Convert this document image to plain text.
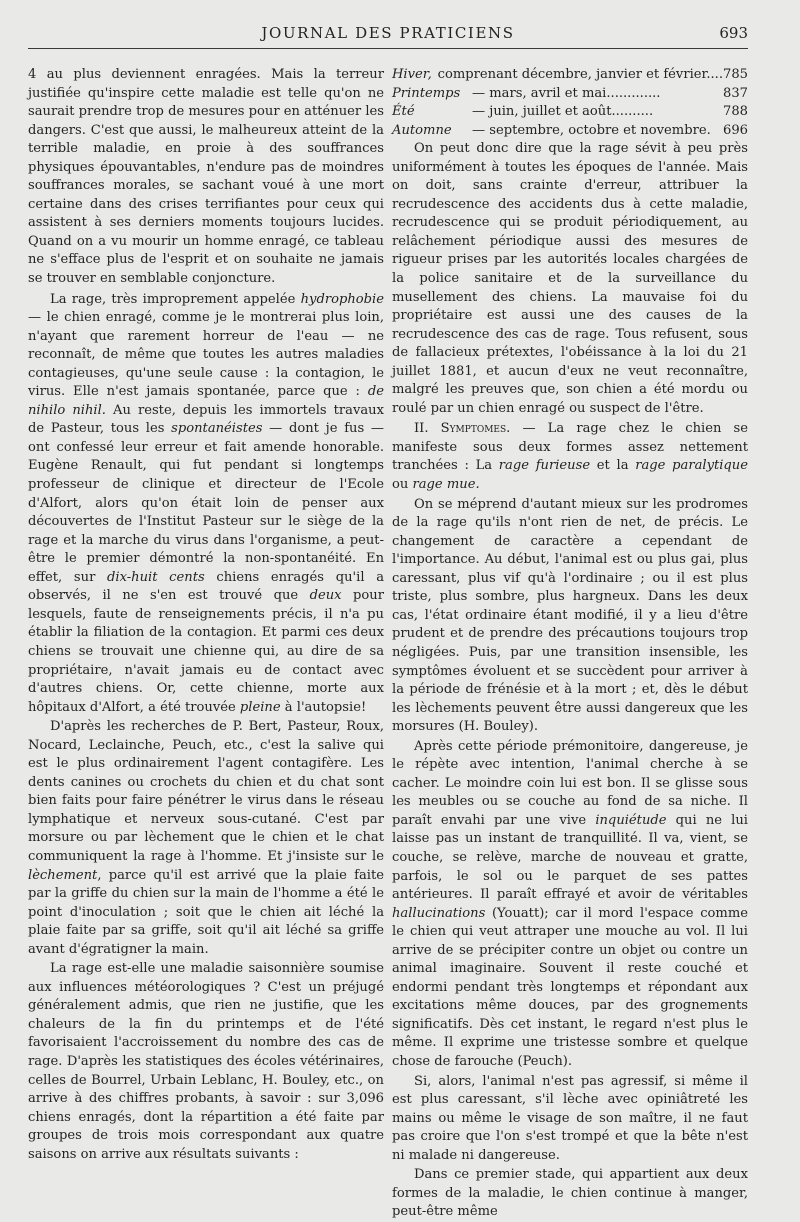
JOURNAL DES PRATICIENS	693

4 au plus deviennent enragées. Mais la terreur justifiée qu'inspire cette maladie est telle qu'on ne saurait prendre trop de mesures pour en atténuer les dangers. C'est que aussi, le malheureux atteint de la terrible maladie, en proie à des souffrances physiques épouvantables, n'endure pas de moindres souffrances morales, se sachant voué à une mort certaine dans des crises terrifiantes pour ceux qui assistent à ses derniers moments toujours lucides. Quand on a vu mourir un homme enragé, ce tableau ne s'efface plus de l'esprit et on souhaite ne jamais se trouver en semblable conjoncture.

La rage, très improprement appelée hydrophobie — le chien enragé, comme je le montrerai plus loin, n'ayant que rarement horreur de l'eau — ne reconnaît, de même que toutes les autres maladies contagieuses, qu'une seule cause : la contagion, le virus. Elle n'est jamais spontanée, parce que : de nihilo nihil. Au reste, depuis les immortels travaux de Pasteur, tous les spontanéistes — dont je fus — ont confessé leur erreur et fait amende honorable. Eugène Renault, qui fut pendant si longtemps professeur de clinique et directeur de l'Ecole d'Alfort, alors qu'on était loin de penser aux découvertes de l'Institut Pasteur sur le siège de la rage et la marche du virus dans l'organisme, a peut-être le premier démontré la non-spontanéité. En effet, sur dix-huit cents chiens enragés qu'il a observés, il ne s'en est trouvé que deux pour lesquels, faute de renseignements précis, il n'a pu établir la filiation de la contagion. Et parmi ces deux chiens se trouvait une chienne qui, au dire de sa propriétaire, n'avait jamais eu de contact avec d'autres chiens. Or, cette chienne, morte aux hôpitaux d'Alfort, a été trouvée pleine à l'autopsie!

D'après les recherches de P. Bert, Pasteur, Roux, Nocard, Leclainche, Peuch, etc., c'est la salive qui est le plus ordinairement l'agent contagifère. Les dents canines ou crochets du chien et du chat sont bien faits pour faire pénétrer le virus dans le réseau lymphatique et nerveux sous-cutané. C'est par morsure ou par lèchement que le chien et le chat communiquent la rage à l'homme. Et j'insiste sur le lèchement, parce qu'il est arrivé que la plaie faite par la griffe du chien sur la main de l'homme a été le point d'inoculation ; soit que le chien ait léché la plaie faite par sa griffe, soit qu'il ait léché sa griffe avant d'égratigner la main.

La rage est-elle une maladie saisonnière soumise aux influences météorologiques ? C'est un préjugé généralement admis, que rien ne justifie, que les chaleurs de la fin du printemps et de l'été favorisaient l'accroissement du nombre des cas de rage. D'après les statistiques des écoles vétérinaires, celles de Bourrel, Urbain Leblanc, H. Bouley, etc., on arrive à des chiffres probants, à savoir : sur 3,096 chiens enragés, dont la répartition a été faite par groupes de trois mois correspondant aux quatre saisons on arrive aux résultats suivants :

Hiver, comprenant décembre, janvier et février.... 785
Printemps — mars, avril et mai.............	837
Été	— juin, juillet et août..........	788
Automne	— septembre, octobre et novembre. 696

On peut donc dire que la rage sévit à peu près uniformément à toutes les époques de l'année. Mais on doit, sans crainte d'erreur, attribuer la recrudescence des accidents dus à cette maladie, recrudescence qui se produit périodiquement, au relâchement périodique aussi des mesures de rigueur prises par les autorités locales chargées de la police sanitaire et de la surveillance du musellement des chiens. La mauvaise foi du propriétaire est aussi une des causes de la recrudescence des cas de rage. Tous refusent, sous de fallacieux prétextes, l'obéissance à la loi du 21 juillet 1881, et aucun d'eux ne veut reconnaître, malgré les preuves que, son chien a été mordu ou roulé par un chien enragé ou suspect de l'être.

II. Symptomes. — La rage chez le chien se manifeste sous deux formes assez nettement tranchées : La rage furieuse et la rage paralytique ou rage mue.

On se méprend d'autant mieux sur les prodromes de la rage qu'ils n'ont rien de net, de précis. Le changement de caractère a cependant de l'importance. Au début, l'animal est ou plus gai, plus caressant, plus vif qu'à l'ordinaire ; ou il est plus triste, plus sombre, plus hargneux. Dans les deux cas, l'état ordinaire étant modifié, il y a lieu d'être prudent et de prendre des précautions toujours trop négligées. Puis, par une transition insensible, les symptômes évoluent et se succèdent pour arriver à la période de frénésie et à la mort ; et, dès le début les lèchements peuvent être aussi dangereux que les morsures (H. Bouley).

Après cette période prémonitoire, dangereuse, je le répète avec intention, l'animal cherche à se cacher. Le moindre coin lui est bon. Il se glisse sous les meubles ou se couche au fond de sa niche. Il paraît envahi par une vive inquiétude qui ne lui laisse pas un instant de tranquillité. Il va, vient, se couche, se relève, marche de nouveau et gratte, parfois, le sol ou le parquet de ses pattes antérieures. Il paraît effrayé et avoir de véritables hallucinations (Youatt); car il mord l'espace comme le chien qui veut attraper une mouche au vol. Il lui arrive de se précipiter contre un objet ou contre un animal imaginaire. Souvent il reste couché et endormi pendant très longtemps et répondant aux excitations même douces, par des grognements significatifs. Dès cet instant, le regard n'est plus le même. Il exprime une tristesse sombre et quelque chose de farouche (Peuch).

Si, alors, l'animal n'est pas agressif, si même il est plus caressant, s'il lèche avec opiniâtreté les mains ou même le visage de son maître, il ne faut pas croire que l'on s'est trompé et que la bête n'est ni malade ni dangereuse.

Dans ce premier stade, qui appartient aux deux formes de la maladie, le chien continue à manger, peut-être même
